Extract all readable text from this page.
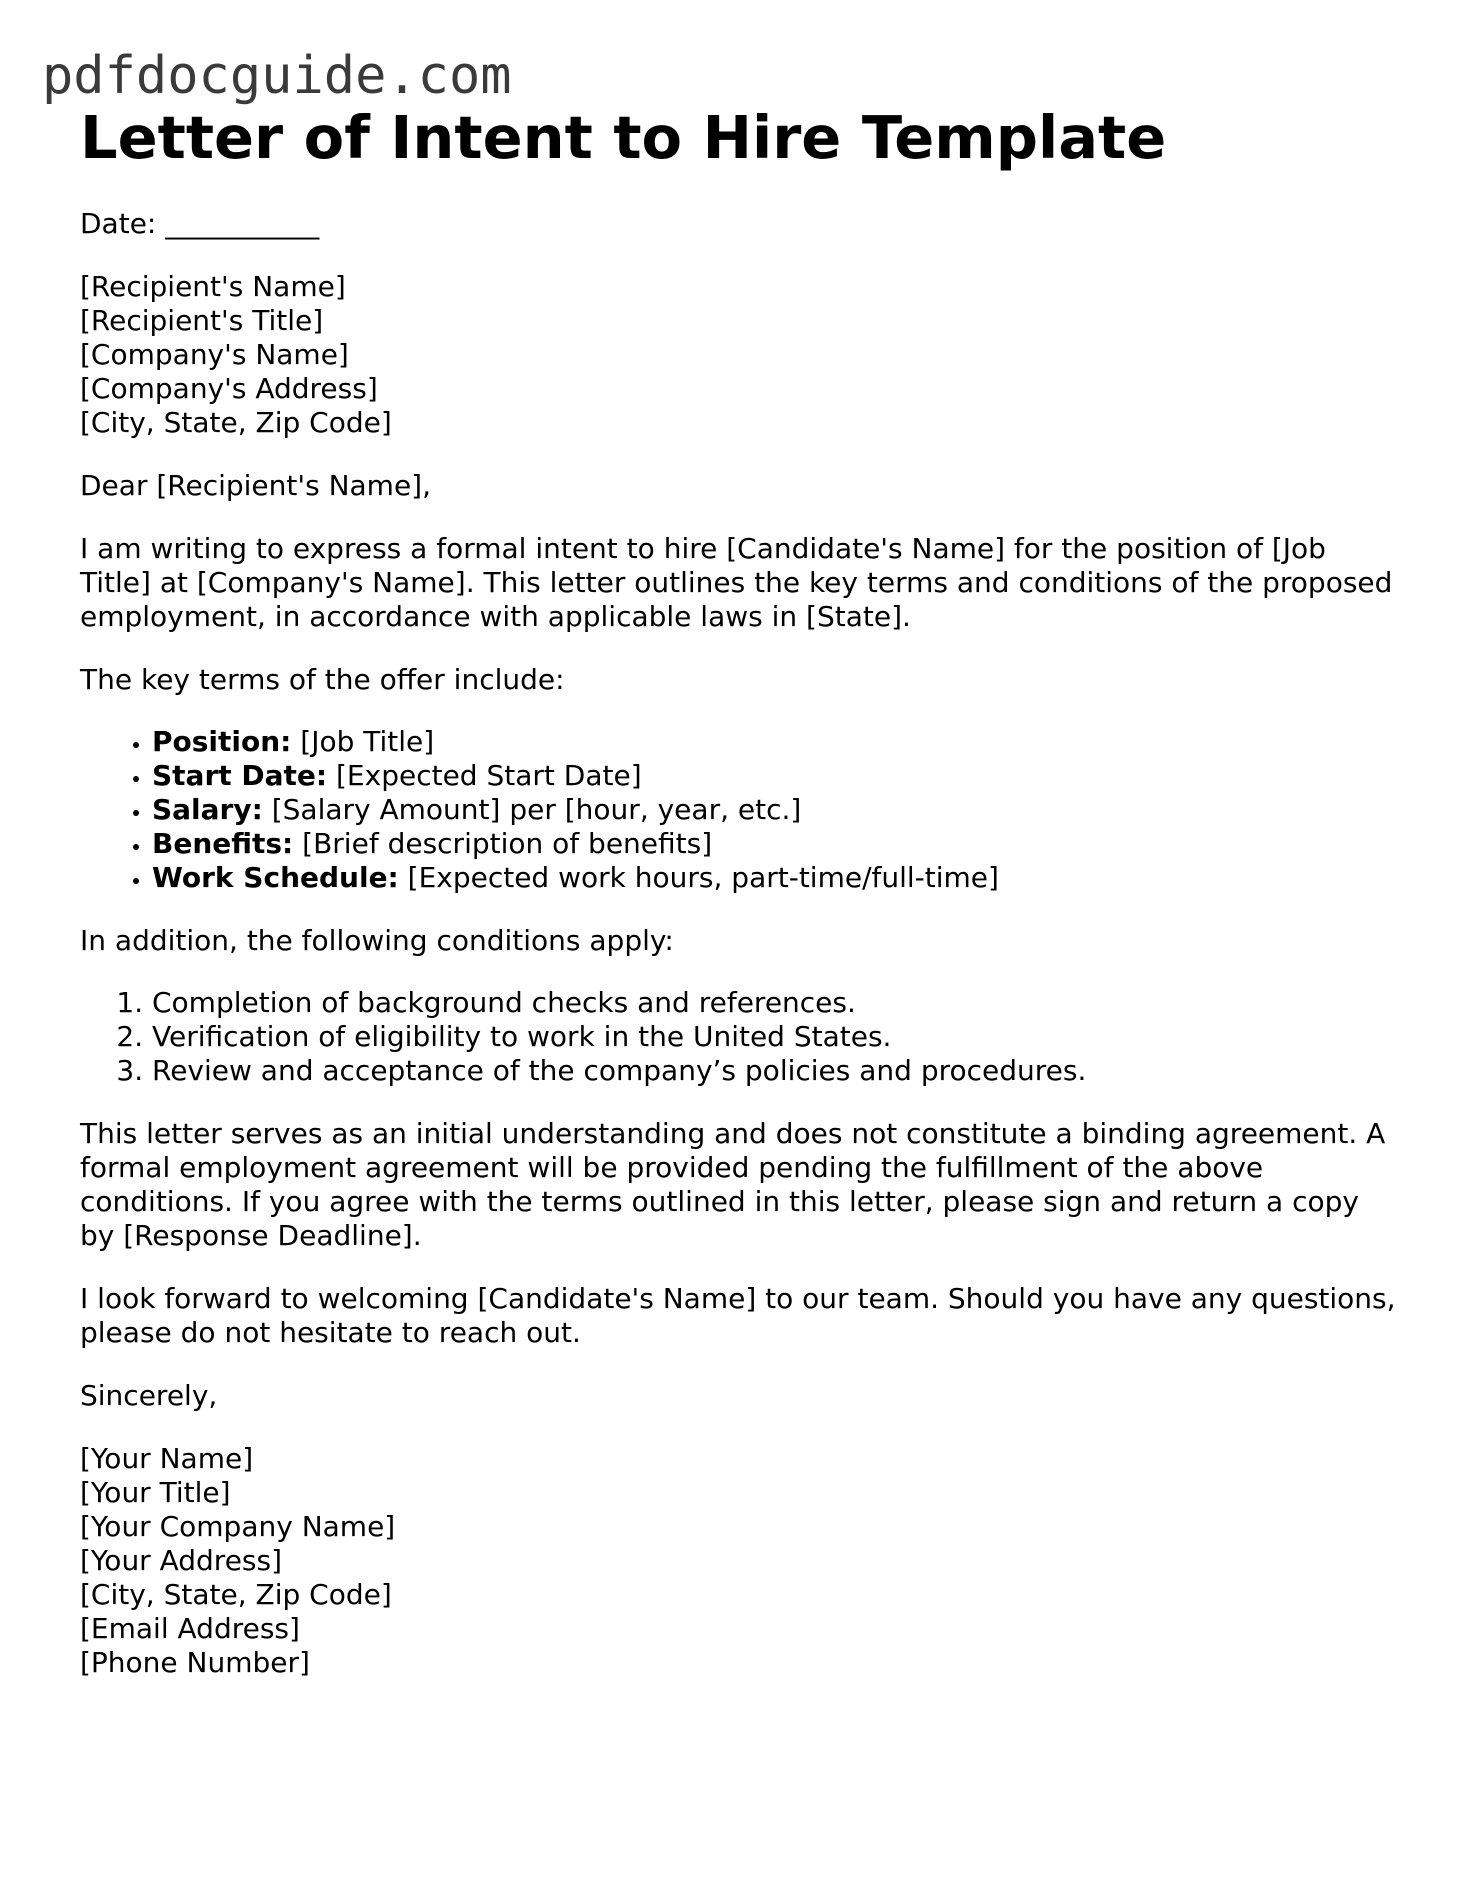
pdfdocguide.com
Letter of Intent to Hire Template

Date: ___________

[Recipient's Name]
[Recipient's Title]
[Company's Name]
[Company's Address]
[City, State, Zip Code]

Dear [Recipient's Name],

I am writing to express a formal intent to hire [Candidate's Name] for the position of [Job Title] at [Company's Name]. This letter outlines the key terms and conditions of the proposed employment, in accordance with applicable laws in [State].

The key terms of the offer include:

• Position: [Job Title]
• Start Date: [Expected Start Date]
• Salary: [Salary Amount] per [hour, year, etc.]
• Benefits: [Brief description of benefits]
• Work Schedule: [Expected work hours, part-time/full-time]

In addition, the following conditions apply:

1. Completion of background checks and references.
2. Verification of eligibility to work in the United States.
3. Review and acceptance of the company’s policies and procedures.

This letter serves as an initial understanding and does not constitute a binding agreement. A formal employment agreement will be provided pending the fulfillment of the above conditions. If you agree with the terms outlined in this letter, please sign and return a copy by [Response Deadline].

I look forward to welcoming [Candidate's Name] to our team. Should you have any questions, please do not hesitate to reach out.

Sincerely,

[Your Name]
[Your Title]
[Your Company Name]
[Your Address]
[City, State, Zip Code]
[Email Address]
[Phone Number]
